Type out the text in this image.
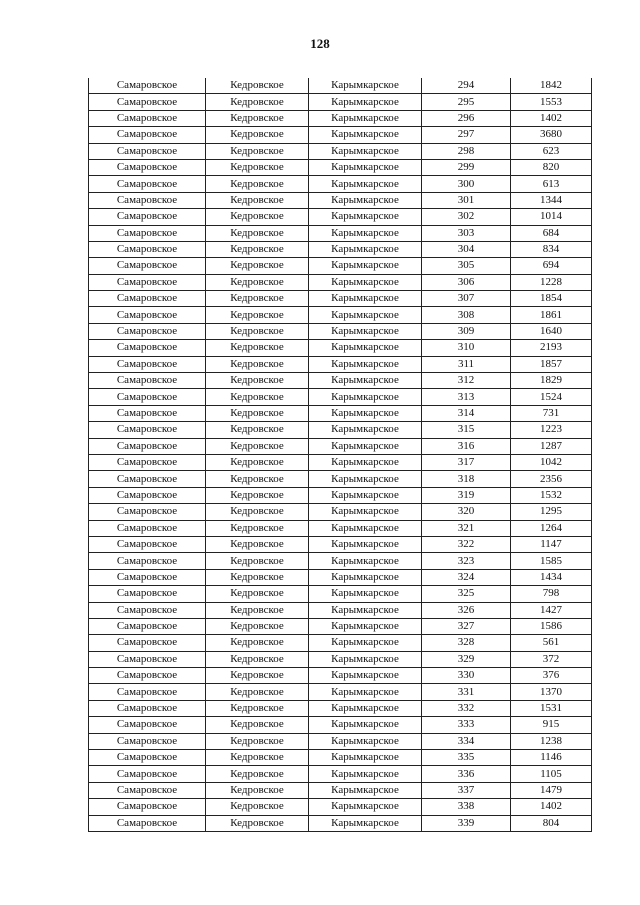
128
Самаровское	Кедровское	Карымкарское	294	1842
Самаровское	Кедровское	Карымкарское	295	1553
Самаровское	Кедровское	Карымкарское	296	1402
Самаровское	Кедровское	Карымкарское	297	3680
Самаровское	Кедровское	Карымкарское	298	623
Самаровское	Кедровское	Карымкарское	299	820
Самаровское	Кедровское	Карымкарское	300	613
Самаровское	Кедровское	Карымкарское	301	1344
Самаровское	Кедровское	Карымкарское	302	1014
Самаровское	Кедровское	Карымкарское	303	684
Самаровское	Кедровское	Карымкарское	304	834
Самаровское	Кедровское	Карымкарское	305	694
Самаровское	Кедровское	Карымкарское	306	1228
Самаровское	Кедровское	Карымкарское	307	1854
Самаровское	Кедровское	Карымкарское	308	1861
Самаровское	Кедровское	Карымкарское	309	1640
Самаровское	Кедровское	Карымкарское	310	2193
Самаровское	Кедровское	Карымкарское	311	1857
Самаровское	Кедровское	Карымкарское	312	1829
Самаровское	Кедровское	Карымкарское	313	1524
Самаровское	Кедровское	Карымкарское	314	731
Самаровское	Кедровское	Карымкарское	315	1223
Самаровское	Кедровское	Карымкарское	316	1287
Самаровское	Кедровское	Карымкарское	317	1042
Самаровское	Кедровское	Карымкарское	318	2356
Самаровское	Кедровское	Карымкарское	319	1532
Самаровское	Кедровское	Карымкарское	320	1295
Самаровское	Кедровское	Карымкарское	321	1264
Самаровское	Кедровское	Карымкарское	322	1147
Самаровское	Кедровское	Карымкарское	323	1585
Самаровское	Кедровское	Карымкарское	324	1434
Самаровское	Кедровское	Карымкарское	325	798
Самаровское	Кедровское	Карымкарское	326	1427
Самаровское	Кедровское	Карымкарское	327	1586
Самаровское	Кедровское	Карымкарское	328	561
Самаровское	Кедровское	Карымкарское	329	372
Самаровское	Кедровское	Карымкарское	330	376
Самаровское	Кедровское	Карымкарское	331	1370
Самаровское	Кедровское	Карымкарское	332	1531
Самаровское	Кедровское	Карымкарское	333	915
Самаровское	Кедровское	Карымкарское	334	1238
Самаровское	Кедровское	Карымкарское	335	1146
Самаровское	Кедровское	Карымкарское	336	1105
Самаровское	Кедровское	Карымкарское	337	1479
Самаровское	Кедровское	Карымкарское	338	1402
Самаровское	Кедровское	Карымкарское	339	804
